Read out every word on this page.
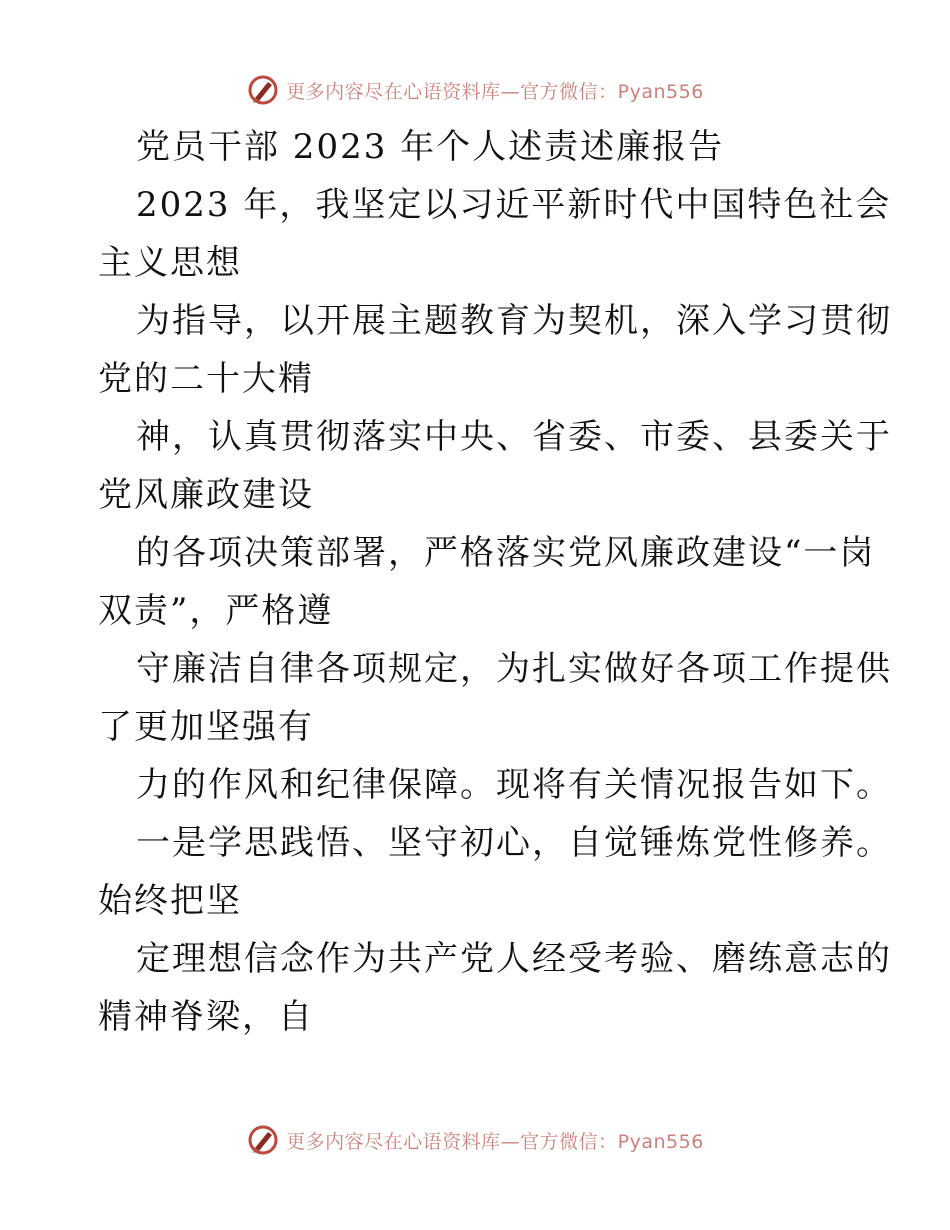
更多内容尽在心语资料库—官方微信：Pyan556
党员干部 2023 年个人述责述廉报告
2023 年，我坚定以习近平新时代中国特色社会
主义思想
为指导，以开展主题教育为契机，深入学习贯彻
党的二十大精
神，认真贯彻落实中央、省委、市委、县委关于
党风廉政建设
的各项决策部署，严格落实党风廉政建设“一岗
双责”，严格遵
守廉洁自律各项规定，为扎实做好各项工作提供
了更加坚强有
力的作风和纪律保障。现将有关情况报告如下。
一是学思践悟、坚守初心，自觉锤炼党性修养。
始终把坚
定理想信念作为共产党人经受考验、磨练意志的
精神脊梁，自
更多内容尽在心语资料库—官方微信：Pyan556
